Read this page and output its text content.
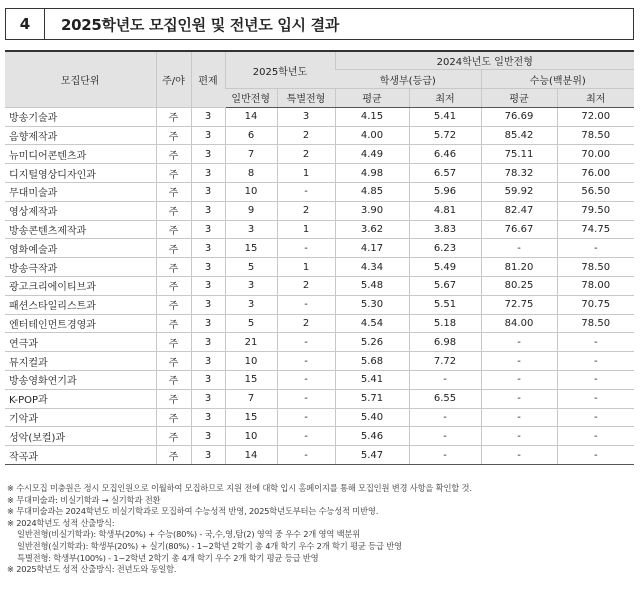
4	2025학년도 모집인원 및 전년도 입시 결과
모집단위	주/야	편제	2025학년도		2024학년도 일반전형			
					학생부(등급)		수능(백분위)	
			일반전형	특별전형	평균	최저	평균	최저
방송기술과	주	3	14	3	4.15	5.41	76.69	72.00
음향제작과	주	3	6	2	4.00	5.72	85.42	78.50
뉴미디어콘텐츠과	주	3	7	2	4.49	6.46	75.11	70.00
디지털영상디자인과	주	3	8	1	4.98	6.57	78.32	76.00
무대미술과	주	3	10	-	4.85	5.96	59.92	56.50
영상제작과	주	3	9	2	3.90	4.81	82.47	79.50
방송콘텐츠제작과	주	3	3	1	3.62	3.83	76.67	74.75
영화예술과	주	3	15	-	4.17	6.23	-	-
방송극작과	주	3	5	1	4.34	5.49	81.20	78.50
광고크리에이티브과	주	3	3	2	5.48	5.67	80.25	78.00
패션스타일리스트과	주	3	3	-	5.30	5.51	72.75	70.75
엔터테인먼트경영과	주	3	5	2	4.54	5.18	84.00	78.50
연극과	주	3	21	-	5.26	6.98	-	-
뮤지컬과	주	3	10	-	5.68	7.72	-	-
방송영화연기과	주	3	15	-	5.41	-	-	-
K-POP과	주	3	7	-	5.71	6.55	-	-
기악과	주	3	15	-	5.40	-	-	-
성악(보컬)과	주	3	10	-	5.46	-	-	-
작곡과	주	3	14	-	5.47	-	-	-
※ 수시모집 미충원은 정시 모집인원으로 이월하여 모집하므로 지원 전에 대학 입시 홈페이지를 통해 모집인원 변경 사항을 확인할 것.
※ 무대미술과: 비실기학과 → 실기학과 전환
※ 무대미술과는 2024학년도 비실기학과로 모집하여 수능성적 반영, 2025학년도부터는 수능성적 미반영.
※ 2024학년도 성적 산출방식:
일반전형(비실기학과): 학생부(20%) + 수능(80%) - 국,수,영,탐(2) 영역 중 우수 2개 영역 백분위
일반전형(실기학과): 학생부(20%) + 실기(80%) - 1~2학년 2학기 총 4개 학기 우수 2개 학기 평균 등급 반영
특별전형: 학생부(100%) - 1~2학년 2학기 총 4개 학기 우수 2개 학기 평균 등급 반영
※ 2025학년도 성적 산출방식: 전년도와 동일함.
